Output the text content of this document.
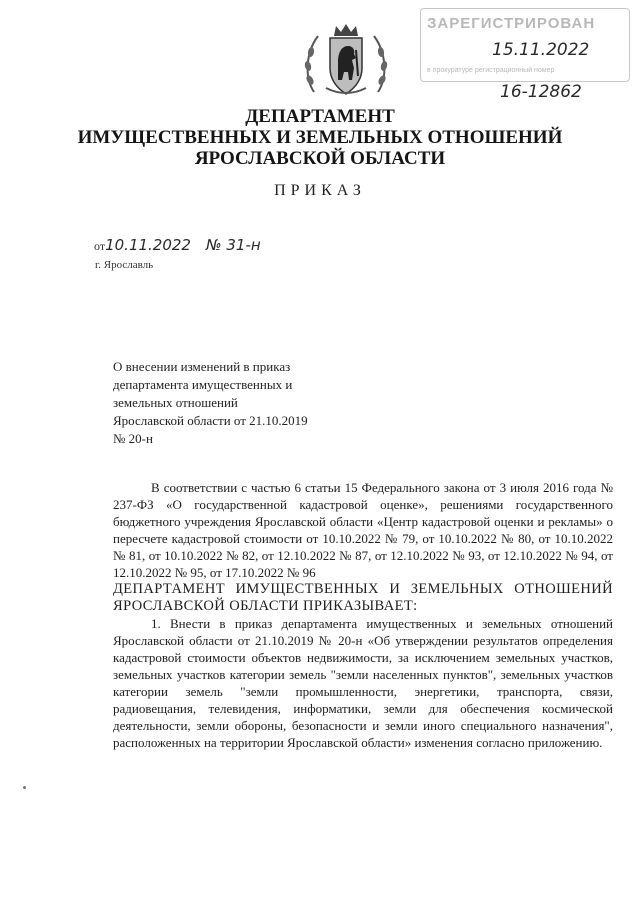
ЗАРЕГИСТРИРОВАН
в прокуратуре регистрационный номер
15.11.2022
16-12862
ДЕПАРТАМЕНТ
ИМУЩЕСТВЕННЫХ И ЗЕМЕЛЬНЫХ ОТНОШЕНИЙ
ЯРОСЛАВСКОЙ ОБЛАСТИ
ПРИКАЗ
от10.11.2022 № 31-н
г. Ярославль
О внесении изменений в приказ
департамента имущественных и
земельных отношений
Ярославской области от 21.10.2019
№ 20-н

В соответствии с частью 6 статьи 15 Федерального закона от 3 июля 2016 года № 237-ФЗ «О государственной кадастровой оценке», решениями государственного бюджетного учреждения Ярославской области «Центр кадастровой оценки и рекламы» о пересчете кадастровой стоимости от 10.10.2022 № 79, от 10.10.2022 № 80, от 10.10.2022 № 81, от 10.10.2022 № 82, от 12.10.2022 № 87, от 12.10.2022 № 93, от 12.10.2022 № 94, от 12.10.2022 № 95, от 17.10.2022 № 96

ДЕПАРТАМЕНТ ИМУЩЕСТВЕННЫХ И ЗЕМЕЛЬНЫХ ОТНОШЕНИЙ ЯРОСЛАВСКОЙ ОБЛАСТИ ПРИКАЗЫВАЕТ:

1. Внести в приказ департамента имущественных и земельных отношений Ярославской области от 21.10.2019 № 20-н «Об утверждении результатов определения кадастровой стоимости объектов недвижимости, за исключением земельных участков, земельных участков категории земель "земли населенных пунктов", земельных участков категории земель "земли промышленности, энергетики, транспорта, связи, радиовещания, телевидения, информатики, земли для обеспечения космической деятельности, земли обороны, безопасности и земли иного специального назначения", расположенных на территории Ярославской области» изменения согласно приложению.
